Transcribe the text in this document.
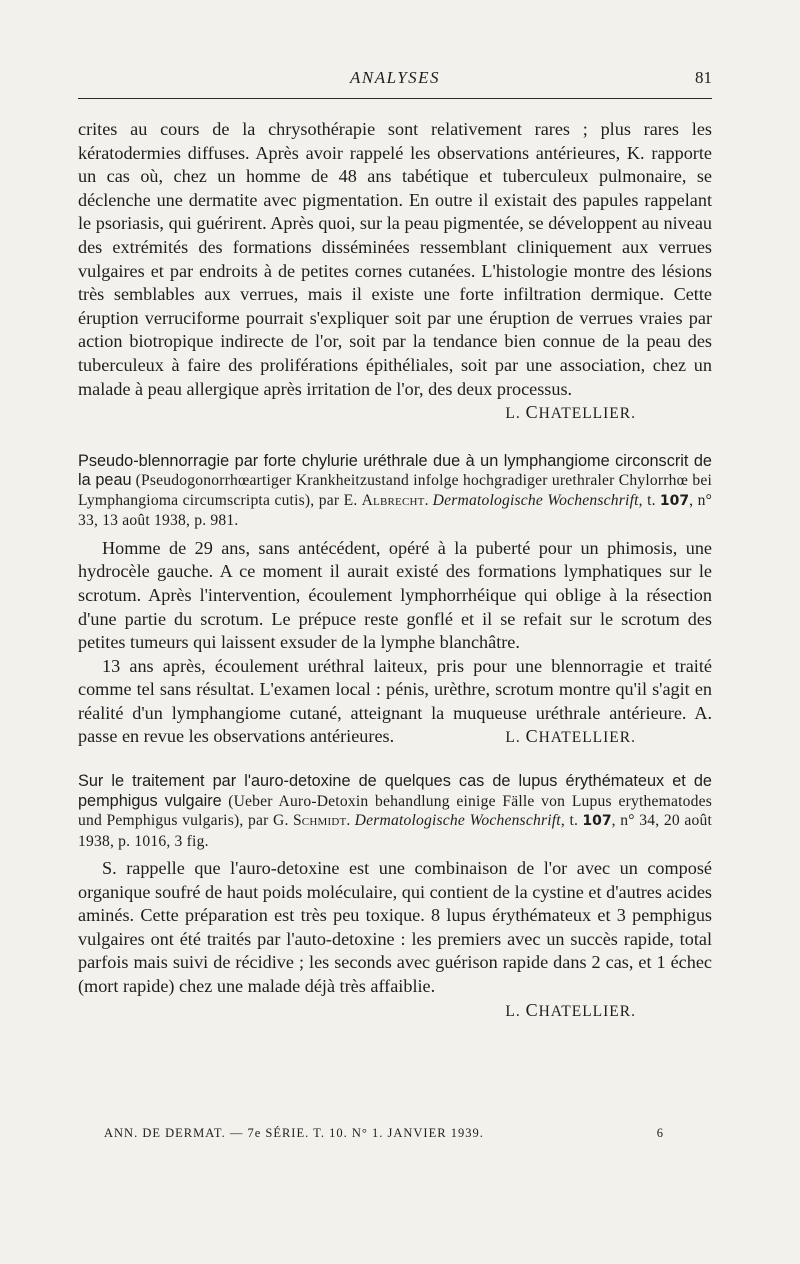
ANALYSES	81

crites au cours de la chrysothérapie sont relativement rares ; plus rares les kératodermies diffuses. Après avoir rappelé les observations antérieures, K. rapporte un cas où, chez un homme de 48 ans tabétique et tuberculeux pulmonaire, se déclenche une dermatite avec pigmentation. En outre il existait des papules rappelant le psoriasis, qui guérirent. Après quoi, sur la peau pigmentée, se développent au niveau des extrémités des formations disséminées ressemblant cliniquement aux verrues vulgaires et par endroits à de petites cornes cutanées. L'histologie montre des lésions très semblables aux verrues, mais il existe une forte infiltration dermique. Cette éruption verruciforme pourrait s'expliquer soit par une éruption de verrues vraies par action biotropique indirecte de l'or, soit par la tendance bien connue de la peau des tuberculeux à faire des proliférations épithéliales, soit par une association, chez un malade à peau allergique après irritation de l'or, des deux processus.

L. CHATELLIER.

Pseudo-blennorragie par forte chylurie uréthrale due à un lymphangiome circonscrit de la peau (Pseudogonorrhœartiger Krankheitzustand infolge hochgradiger urethraler Chylorrhœ bei Lymphangioma circumscripta cutis), par E. Albrecht. Dermatologische Wochenschrift, t. 107, n° 33, 13 août 1938, p. 981.

Homme de 29 ans, sans antécédent, opéré à la puberté pour un phimosis, une hydrocèle gauche. A ce moment il aurait existé des formations lymphatiques sur le scrotum. Après l'intervention, écoulement lymphorrhéique qui oblige à la résection d'une partie du scrotum. Le prépuce reste gonflé et il se refait sur le scrotum des petites tumeurs qui laissent exsuder de la lymphe blanchâtre.

13 ans après, écoulement uréthral laiteux, pris pour une blennorragie et traité comme tel sans résultat. L'examen local : pénis, urèthre, scrotum montre qu'il s'agit en réalité d'un lymphangiome cutané, atteignant la muqueuse uréthrale antérieure. A. passe en revue les observations antérieures.	L. CHATELLIER.

Sur le traitement par l'auro-detoxine de quelques cas de lupus érythémateux et de pemphigus vulgaire (Ueber Auro-Detoxin behandlung einige Fälle von Lupus erythematodes und Pemphigus vulgaris), par G. Schmidt. Dermatologische Wochenschrift, t. 107, n° 34, 20 août 1938, p. 1016, 3 fig.

S. rappelle que l'auro-detoxine est une combinaison de l'or avec un composé organique soufré de haut poids moléculaire, qui contient de la cystine et d'autres acides aminés. Cette préparation est très peu toxique. 8 lupus érythémateux et 3 pemphigus vulgaires ont été traités par l'auto-detoxine : les premiers avec un succès rapide, total parfois mais suivi de récidive ; les seconds avec guérison rapide dans 2 cas, et 1 échec (mort rapide) chez une malade déjà très affaiblie.

L. CHATELLIER.
ANN. DE DERMAT. — 7e SÉRIE. T. 10. N° 1. JANVIER 1939.	6
